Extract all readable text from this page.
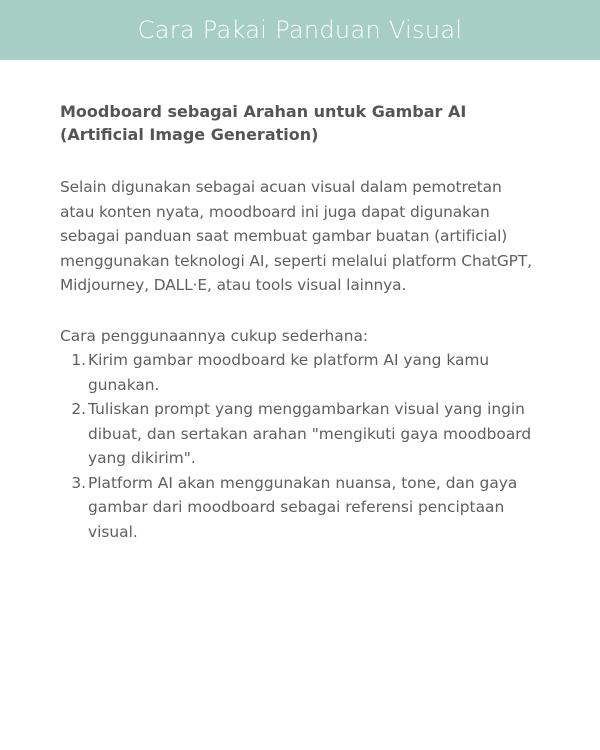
Cara Pakai Panduan Visual
Moodboard sebagai Arahan untuk Gambar AI
(Artificial Image Generation)

Selain digunakan sebagai acuan visual dalam pemotretan atau konten nyata, moodboard ini juga dapat digunakan sebagai panduan saat membuat gambar buatan (artificial) menggunakan teknologi AI, seperti melalui platform ChatGPT, Midjourney, DALL·E, atau tools visual lainnya.

Cara penggunaannya cukup sederhana:

1. Kirim gambar moodboard ke platform AI yang kamu gunakan.
2. Tuliskan prompt yang menggambarkan visual yang ingin dibuat, dan sertakan arahan "mengikuti gaya moodboard yang dikirim".
3. Platform AI akan menggunakan nuansa, tone, dan gaya gambar dari moodboard sebagai referensi penciptaan visual.
